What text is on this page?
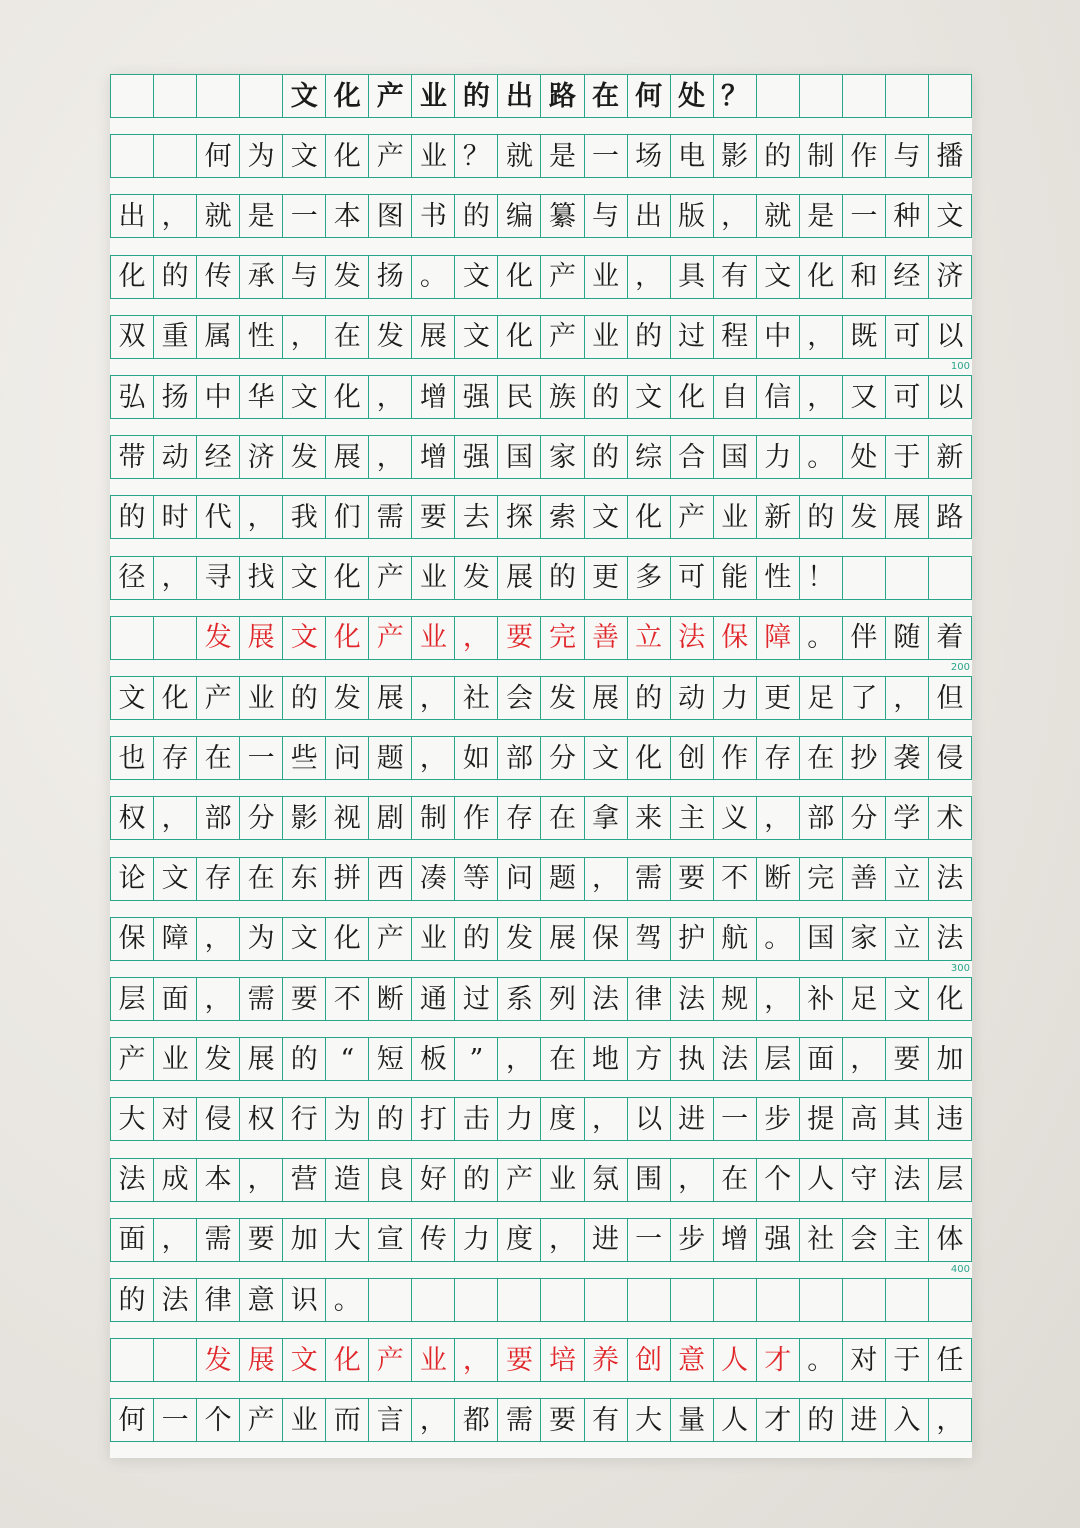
文 化 产 业 的 出 路 在 何 处 ？
何 为 文 化 产 业 ？ 就 是 一 场 电 影 的 制 作 与 播
出 ， 就 是 一 本 图 书 的 编 纂 与 出 版 ， 就 是 一 种 文
化 的 传 承 与 发 扬 。 文 化 产 业 ， 具 有 文 化 和 经 济
双 重 属 性 ， 在 发 展 文 化 产 业 的 过 程 中 ， 既 可 以
弘 扬 中 华 文 化 ， 增 强 民 族 的 文 化 自 信 ， 又 可 以
带 动 经 济 发 展 ， 增 强 国 家 的 综 合 国 力 。 处 于 新
的 时 代 ， 我 们 需 要 去 探 索 文 化 产 业 新 的 发 展 路
径 ， 寻 找 文 化 产 业 发 展 的 更 多 可 能 性 ！
发 展 文 化 产 业 ， 要 完 善 立 法 保 障 。 伴 随 着
文 化 产 业 的 发 展 ， 社 会 发 展 的 动 力 更 足 了 ， 但
也 存 在 一 些 问 题 ， 如 部 分 文 化 创 作 存 在 抄 袭 侵
权 ， 部 分 影 视 剧 制 作 存 在 拿 来 主 义 ， 部 分 学 术
论 文 存 在 东 拼 西 凑 等 问 题 ， 需 要 不 断 完 善 立 法
保 障 ， 为 文 化 产 业 的 发 展 保 驾 护 航 。 国 家 立 法
层 面 ， 需 要 不 断 通 过 系 列 法 律 法 规 ， 补 足 文 化
产 业 发 展 的 “ 短 板 ” ， 在 地 方 执 法 层 面 ， 要 加
大 对 侵 权 行 为 的 打 击 力 度 ， 以 进 一 步 提 高 其 违
法 成 本 ， 营 造 良 好 的 产 业 氛 围 ， 在 个 人 守 法 层
面 ， 需 要 加 大 宣 传 力 度 ， 进 一 步 增 强 社 会 主 体
的 法 律 意 识 。
发 展 文 化 产 业 ， 要 培 养 创 意 人 才 。 对 于 任
何 一 个 产 业 而 言 ， 都 需 要 有 大 量 人 才 的 进 入 ，
100
200
300
400
